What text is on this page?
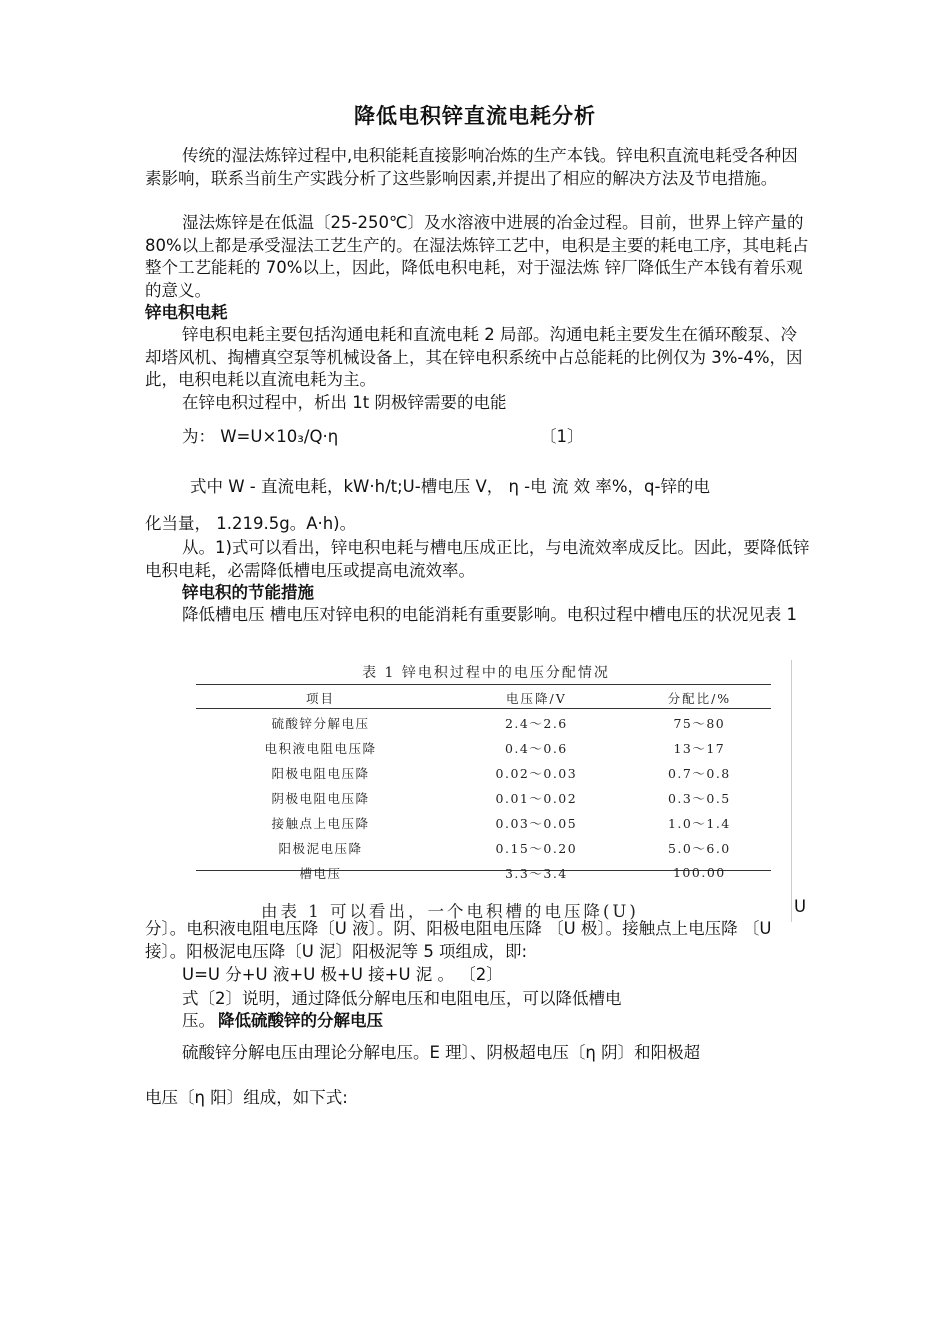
降低电积锌直流电耗分析

传统的湿法炼锌过程中,电积能耗直接影响冶炼的生产本钱。锌电积直流电耗受各种因素影响，联系当前生产实践分析了这些影响因素,并提出了相应的解决方法及节电措施。

湿法炼锌是在低温〔25-250℃〕及水溶液中进展的冶金过程。目前，世界上锌产量的 80%以上都是承受湿法工艺生产的。在湿法炼锌工艺中，电积是主要的耗电工序，其电耗占整个工艺能耗的 70%以上，因此，降低电积电耗，对于湿法炼 锌厂降低生产本钱有着乐观的意义。

锌电积电耗

锌电积电耗主要包括沟通电耗和直流电耗 2 局部。沟通电耗主要发生在循环酸泵、冷却塔风机、掏槽真空泵等机械设备上，其在锌电积系统中占总能耗的比例仅为 3%-4%，因此，电积电耗以直流电耗为主。

在锌电积过程中，析出 1t 阴极锌需要的电能
为： W=U×10₃/Q·η	〔1〕
式中 W - 直流电耗，kW·h/t;U-槽电压 V， η -电 流 效 率%，q-锌的电
化当量， 1.219.5g。A·h)。

从。1)式可以看出，锌电积电耗与槽电压成正比，与电流效率成反比。因此，要降低锌电积电耗，必需降低槽电压或提高电流效率。

锌电积的节能措施

降低槽电压 槽电压对锌电积的电能消耗有重要影响。电积过程中槽电压的状况见表 1

表 1 锌电积过程中的电压分配情况
项目	电压降/V	分配比/%
硫酸锌分解电压	2.4～2.6	75～80
电积液电阻电压降	0.4～0.6	13～17
阳极电阻电压降	0.02～0.03	0.7～0.8
阴极电阻电压降	0.01～0.02	0.3～0.5
接触点上电压降	0.03～0.05	1.0～1.4
阳极泥电压降	0.15～0.20	5.0～6.0
槽电压	3.3～3.4	100.00
由表 1 可以看出，一个电积槽的电压降(U)	U

分〕。电积液电阻电压降〔U 液〕。阴、阳极电阻电压降 〔U 极〕。接触点上电压降 〔U 接〕。阳极泥电压降〔U 泥〕阳极泥等 5 项组成，即:

U=U 分+U 液+U 极+U 接+U 泥 。 〔2〕
式〔2〕说明，通过降低分解电压和电阻电压，可以降低槽电
压。 降低硫酸锌的分解电压
硫酸锌分解电压由理论分解电压。E 理〕、阴极超电压〔η 阴〕和阳极超
电压〔η 阳〕组成，如下式:
